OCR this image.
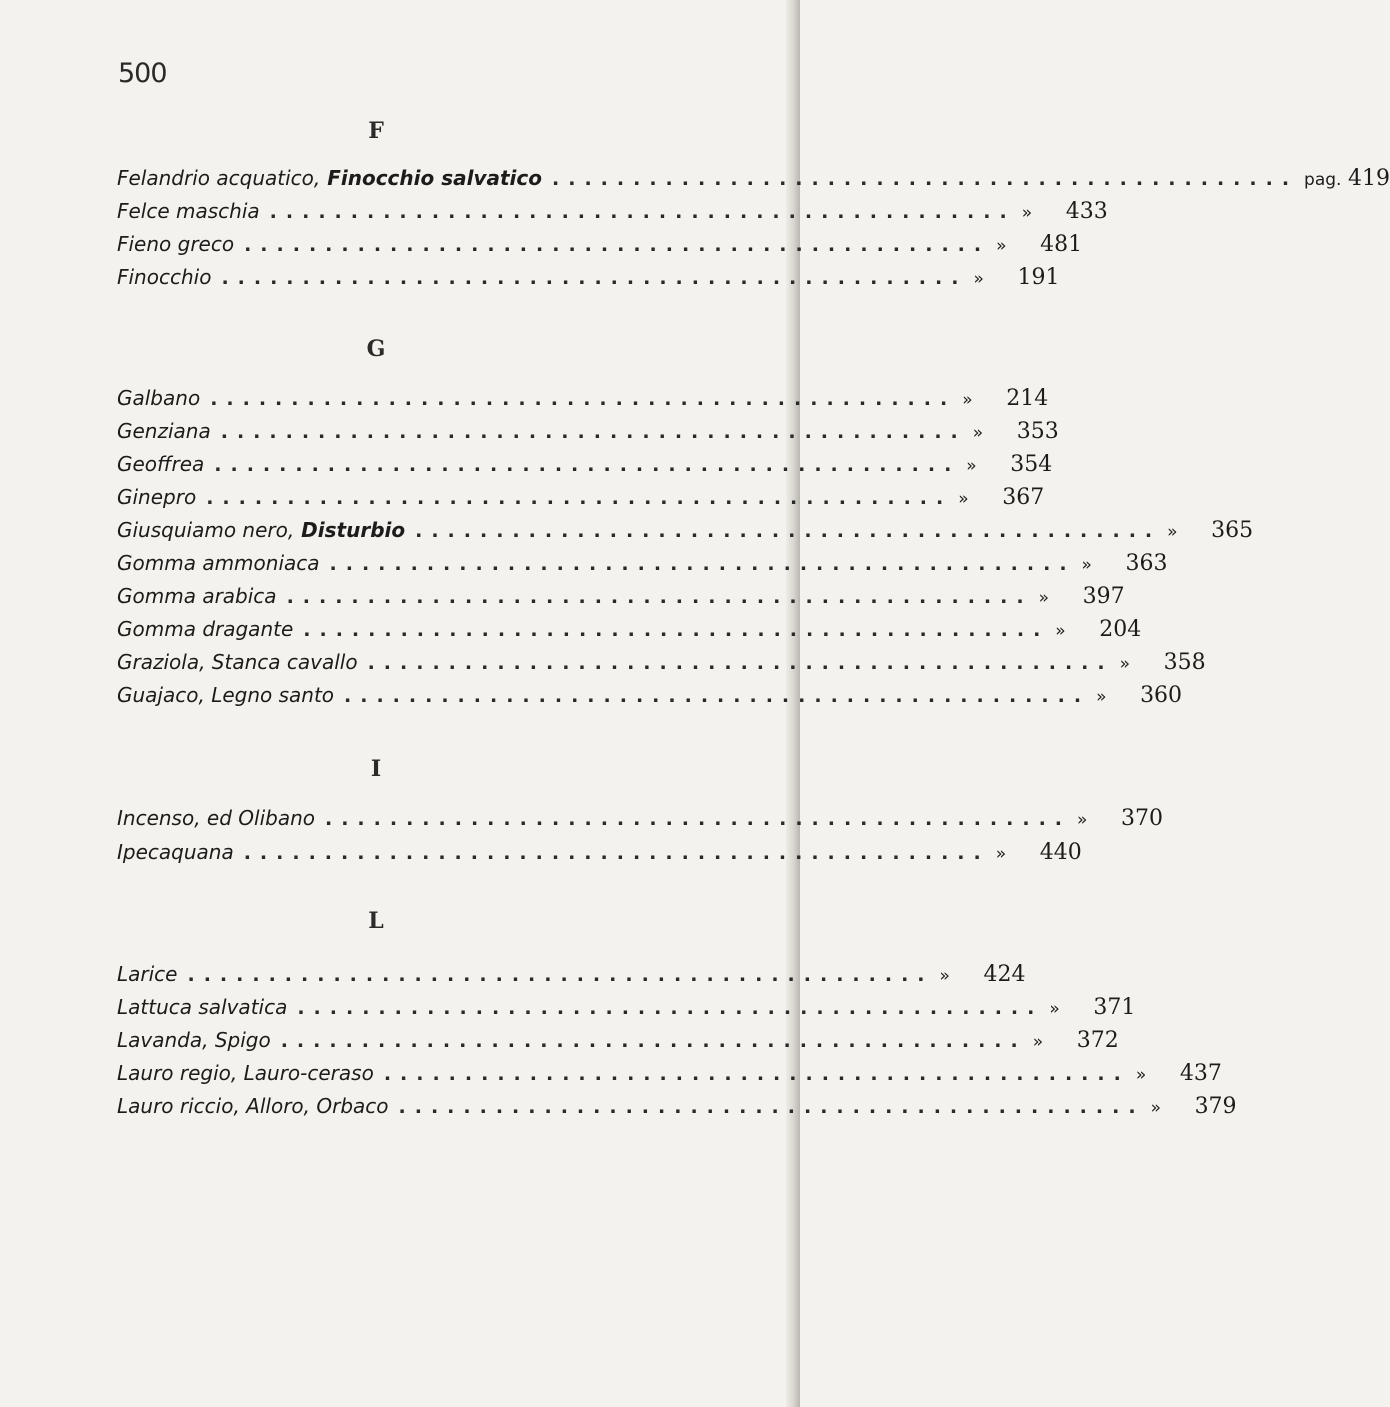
500
F
Felandrio acquatico, Finocchio salvatico .............................................. pag. 419
Felce maschia .............................................. » 433
Fieno greco .............................................. » 481
Finocchio .............................................. » 191
G
Galbano .............................................. » 214
Genziana .............................................. » 353
Geoffrea .............................................. » 354
Ginepro .............................................. » 367
Giusquiamo nero, Disturbio .............................................. » 365
Gomma ammoniaca .............................................. » 363
Gomma arabica .............................................. » 397
Gomma dragante .............................................. » 204
Graziola, Stanca cavallo .............................................. » 358
Guajaco, Legno santo .............................................. » 360
I
Incenso, ed Olibano .............................................. » 370
Ipecaquana .............................................. » 440
L
Larice .............................................. » 424
Lattuca salvatica .............................................. » 371
Lavanda, Spigo .............................................. » 372
Lauro regio, Lauro-ceraso .............................................. » 437
Lauro riccio, Alloro, Orbaco .............................................. » 379
